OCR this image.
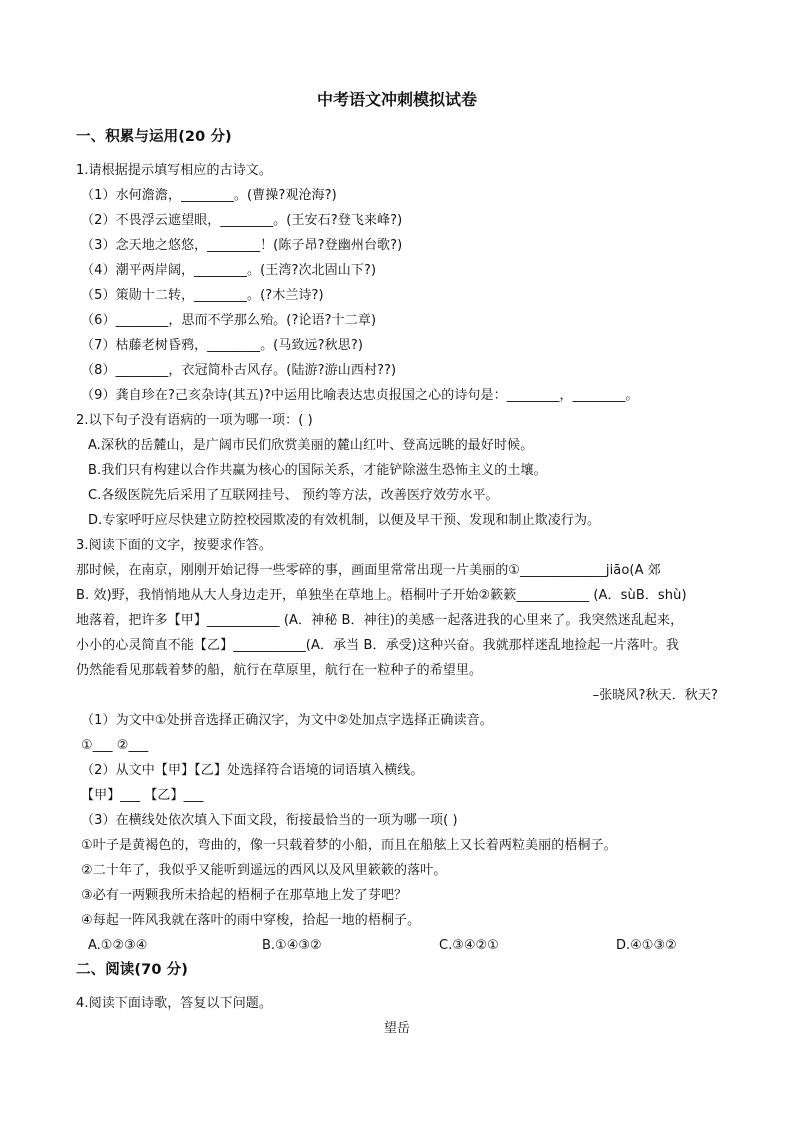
中考语文冲刺模拟试卷
一、积累与运用(20 分)
1.请根据提示填写相应的古诗文。
（1）水何澹澹，________。(曹操?观沧海?)
（2）不畏浮云遮望眼，________。(王安石?登飞来峰?)
（3）念天地之悠悠，________！(陈子昂?登幽州台歌?)
（4）潮平两岸阔，________。(王湾?次北固山下?)
（5）策勋十二转，________。(?木兰诗?)
（6）________，思而不学那么殆。(?论语?十二章)
（7）枯藤老树昏鸦，________。(马致远?秋思?)
（8）________，衣冠简朴古风存。(陆游?游山西村??)
（9）龚自珍在?己亥杂诗(其五)?中运用比喻表达忠贞报国之心的诗句是：________，________。
2.以下句子没有语病的一项为哪一项：( )
A.深秋的岳麓山，是广阔市民们欣赏美丽的麓山红叶、登高远眺的最好时候。
B.我们只有构建以合作共赢为核心的国际关系，才能铲除滋生恐怖主义的土壤。
C.各级医院先后采用了互联网挂号、 预约等方法，改善医疗效劳水平。
D.专家呼吁应尽快建立防控校园欺凌的有效机制，以便及早干预、发现和制止欺凌行为。
3.阅读下面的文字，按要求作答。
那时候，在南京，刚刚开始记得一些零碎的事，画面里常常出现一片美丽的①_____________jiāo(A 郊
B. 效)野，我悄悄地从大人身边走开，单独坐在草地上。梧桐叶子开始②簌簌___________ (A．sùB．shù)
地落着，把许多【甲】___________ (A．神秘 B．神往)的美感一起落进我的心里来了。我突然迷乱起来，
小小的心灵简直不能【乙】___________(A．承当 B．承受)这种兴奋。我就那样迷乱地捡起一片落叶。我
仍然能看见那载着梦的船，航行在草原里，航行在一粒种子的希望里。
–张晓风?秋天．秋天?
（1）为文中①处拼音选择正确汉字，为文中②处加点字选择正确读音。
①___ ②___
（2）从文中【甲】【乙】处选择符合语境的词语填入横线。
【甲】___ 【乙】___
（3）在横线处依次填入下面文段，衔接最恰当的一项为哪一项( )
①叶子是黄褐色的，弯曲的，像一只载着梦的小船，而且在船舷上又长着两粒美丽的梧桐子。
②二十年了，我似乎又能听到遥远的西风以及风里簌簌的落叶。
③必有一两颗我所未拾起的梧桐子在那草地上发了芽吧？
④每起一阵风我就在落叶的雨中穿梭，拾起一地的梧桐子。
A.①②③④	B.①④③②	C.③④②①	D.④①③②
二、阅读(70 分)
4.阅读下面诗歌，答复以下问题。
望岳
